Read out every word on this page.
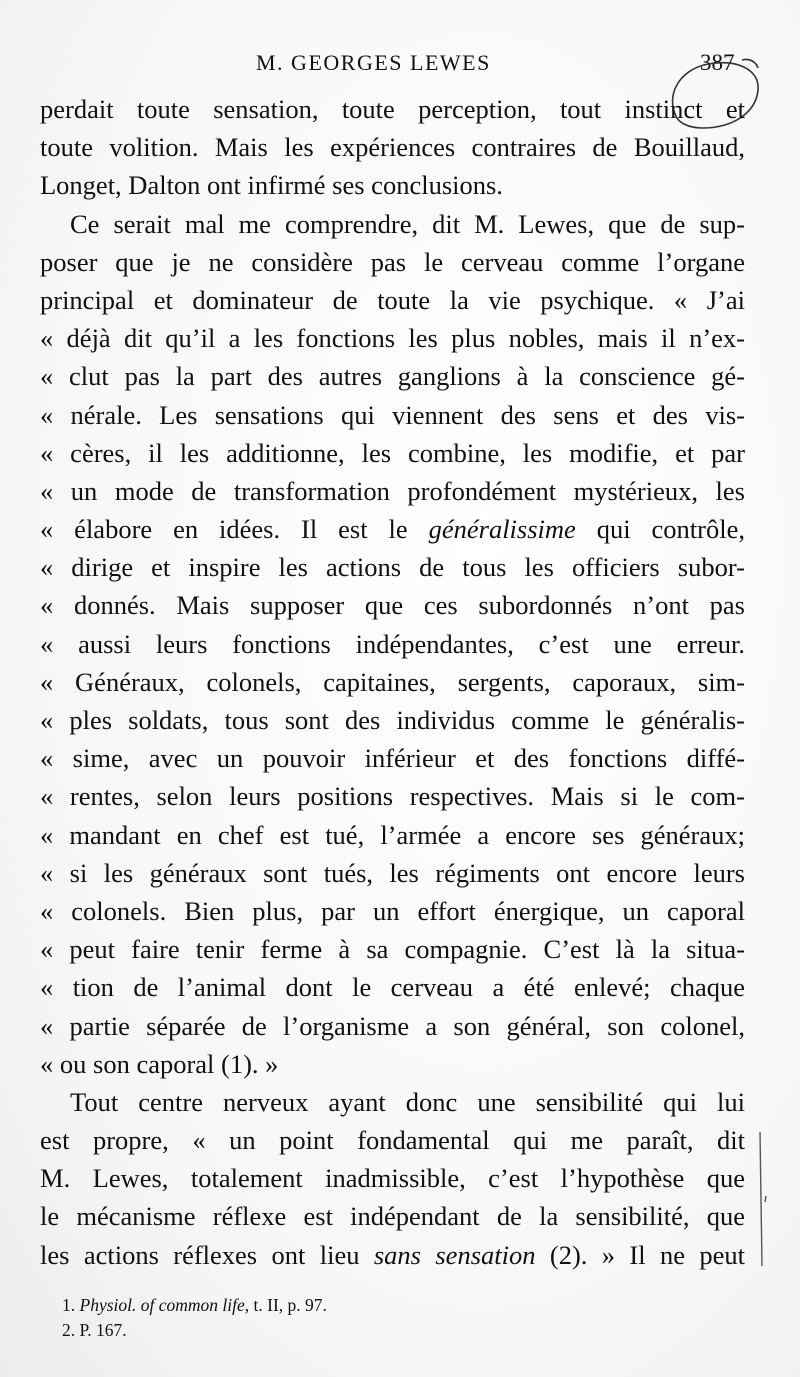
M. GEORGES LEWES	387
perdait toute sensation, toute perception, tout instinct et
toute volition. Mais les expériences contraires de Bouillaud,
Longet, Dalton ont infirmé ses conclusions.
Ce serait mal me comprendre, dit M. Lewes, que de sup-
poser que je ne considère pas le cerveau comme l’organe
principal et dominateur de toute la vie psychique. « J’ai
« déjà dit qu’il a les fonctions les plus nobles, mais il n’ex-
« clut pas la part des autres ganglions à la conscience gé-
« nérale. Les sensations qui viennent des sens et des vis-
« cères, il les additionne, les combine, les modifie, et par
« un mode de transformation profondément mystérieux, les
« élabore en idées. Il est le généralissime qui contrôle,
« dirige et inspire les actions de tous les officiers subor-
« donnés. Mais supposer que ces subordonnés n’ont pas
« aussi leurs fonctions indépendantes, c’est une erreur.
« Généraux, colonels, capitaines, sergents, caporaux, sim-
« ples soldats, tous sont des individus comme le généralis-
« sime, avec un pouvoir inférieur et des fonctions diffé-
« rentes, selon leurs positions respectives. Mais si le com-
« mandant en chef est tué, l’armée a encore ses généraux;
« si les généraux sont tués, les régiments ont encore leurs
« colonels. Bien plus, par un effort énergique, un caporal
« peut faire tenir ferme à sa compagnie. C’est là la situa-
« tion de l’animal dont le cerveau a été enlevé; chaque
« partie séparée de l’organisme a son général, son colonel,
« ou son caporal (1). »
Tout centre nerveux ayant donc une sensibilité qui lui
est propre, « un point fondamental qui me paraît, dit
M. Lewes, totalement inadmissible, c’est l’hypothèse que
le mécanisme réflexe est indépendant de la sensibilité, que
les actions réflexes ont lieu sans sensation (2). » Il ne peut
1. Physiol. of common life, t. II, p. 97.
2. P. 167.
